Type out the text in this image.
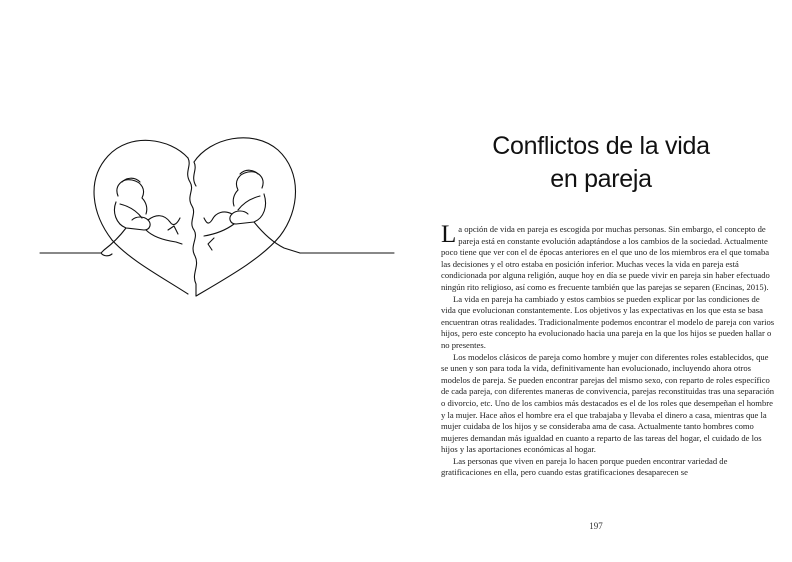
Conflictos de la vida
en pareja

La opción de vida en pareja es escogida por muchas personas. Sin embargo, el concepto de pareja está en constante evolución adaptándose a los cambios de la sociedad. Actualmente poco tiene que ver con el de épocas anteriores en el que uno de los miembros era el que tomaba las decisiones y el otro estaba en posición inferior. Muchas veces la vida en pareja está condicionada por alguna religión, auque hoy en día se puede vivir en pareja sin haber efectuado ningún rito religioso, así como es frecuente también que las parejas se separen (Encinas, 2015).

La vida en pareja ha cambiado y estos cambios se pueden explicar por las condiciones de vida que evolucionan constantemente. Los objetivos y las expectativas en los que esta se basa encuentran otras realidades. Tradicionalmente podemos encontrar el modelo de pareja con varios hijos, pero este concepto ha evolucionado hacia una pareja en la que los hijos se pueden hallar o no presentes.

Los modelos clásicos de pareja como hombre y mujer con diferentes roles establecidos, que se unen y son para toda la vida, definitivamente han evolucionado, incluyendo ahora otros modelos de pareja. Se pueden encontrar parejas del mismo sexo, con reparto de roles específico de cada pareja, con diferentes maneras de convivencia, parejas reconstituidas tras una separación o divorcio, etc. Uno de los cambios más destacados es el de los roles que desempeñan el hombre y la mujer. Hace años el hombre era el que trabajaba y llevaba el dinero a casa, mientras que la mujer cuidaba de los hijos y se consideraba ama de casa. Actualmente tanto hombres como mujeres demandan más igualdad en cuanto a reparto de las tareas del hogar, el cuidado de los hijos y las aportaciones económicas al hogar.

Las personas que viven en pareja lo hacen porque pueden encontrar variedad de gratificaciones en ella, pero cuando estas gratificaciones desaparecen se

197
